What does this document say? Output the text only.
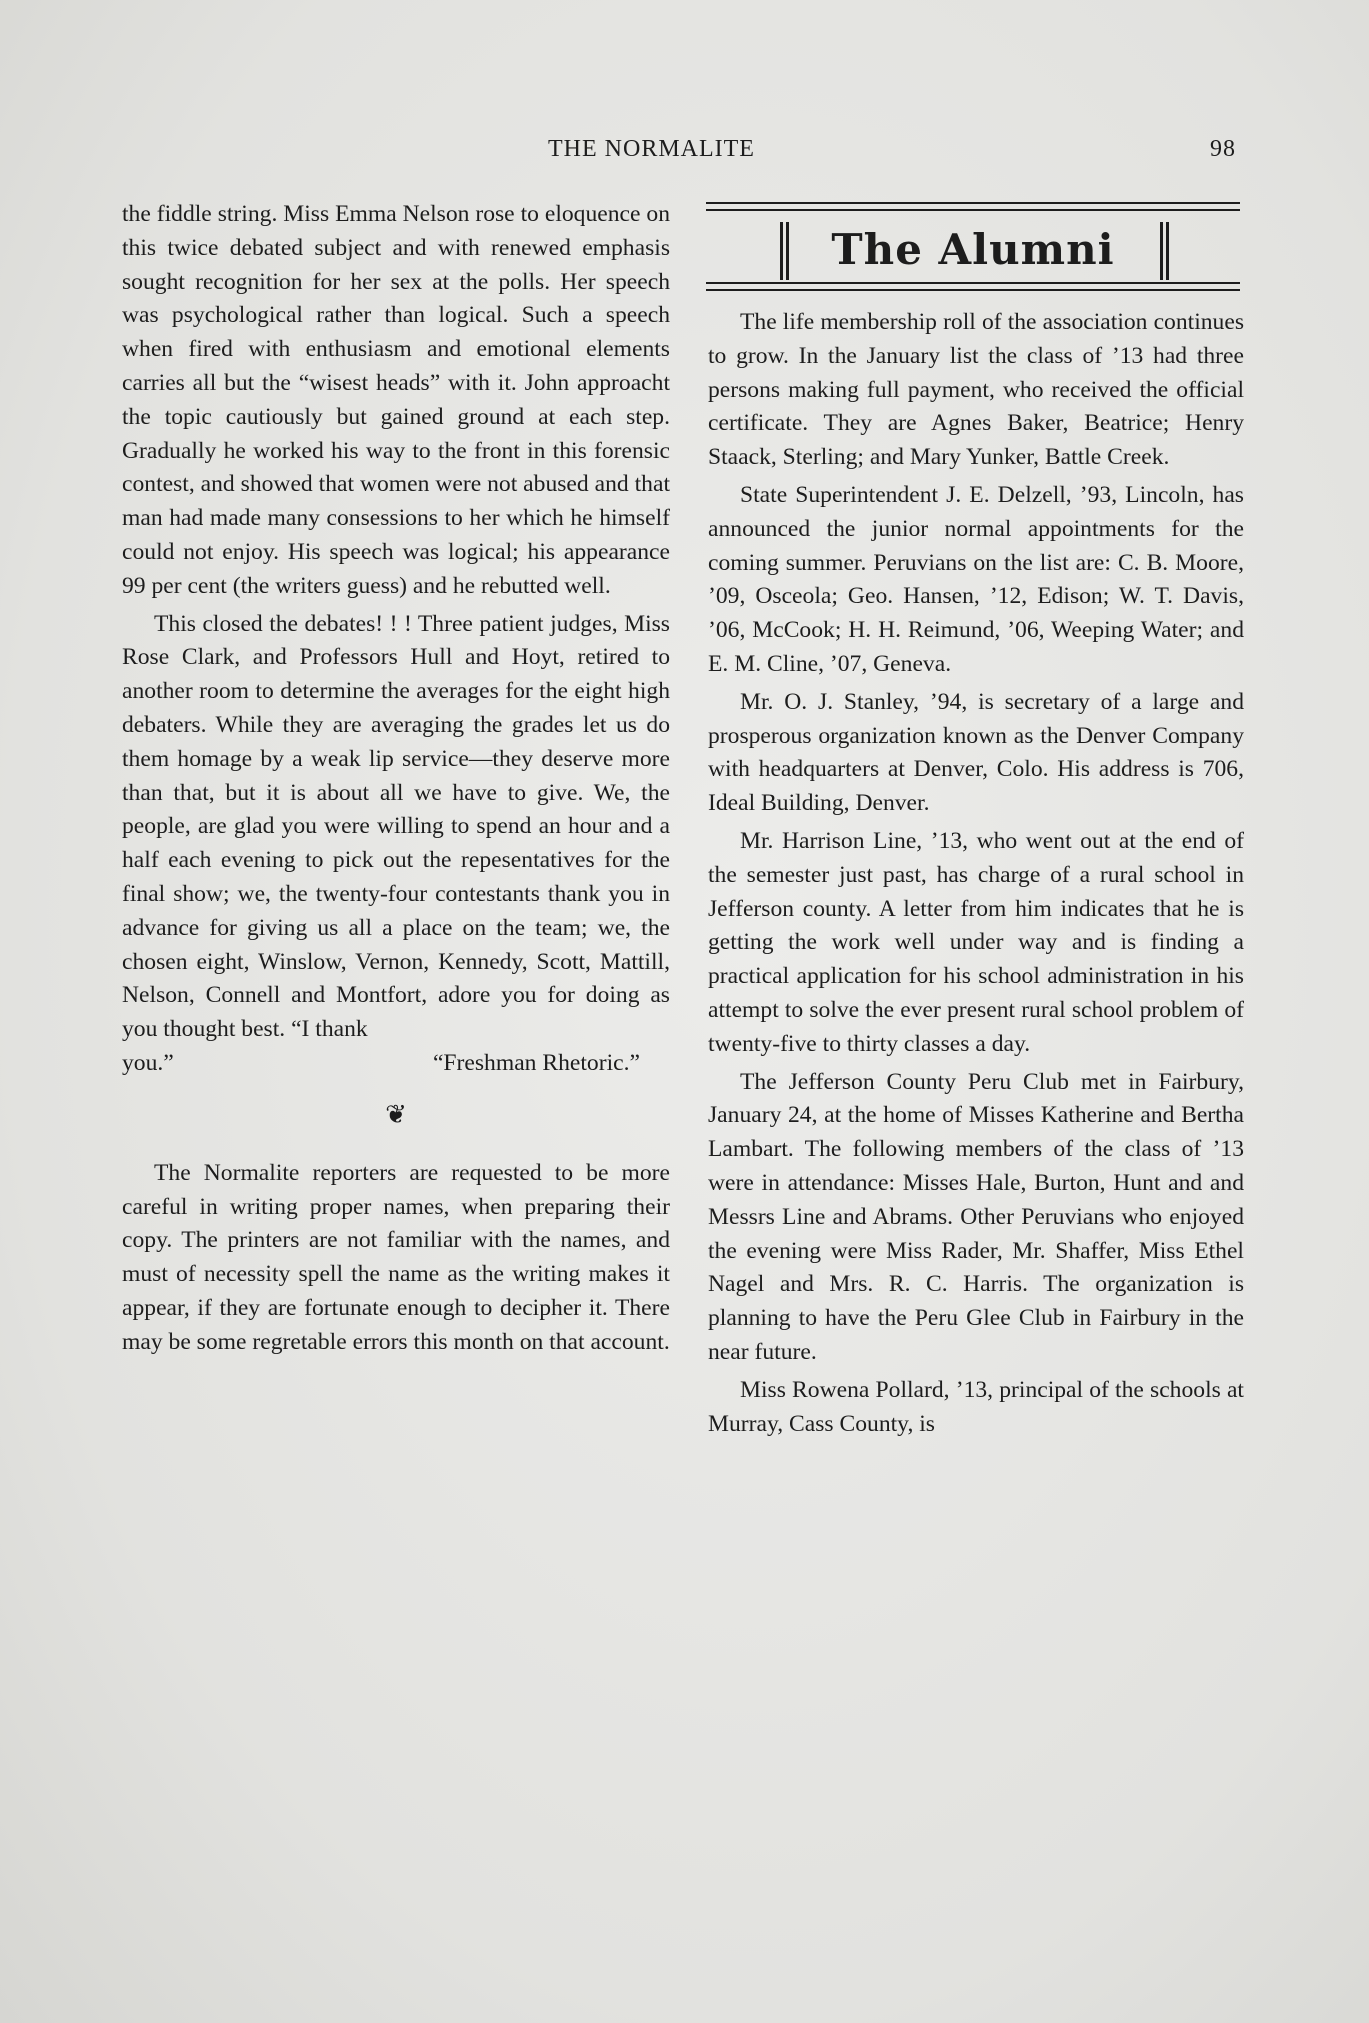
THE NORMALITE	98

the fiddle string. Miss Emma Nelson rose to eloquence on this twice debated subject and with renewed emphasis sought recognition for her sex at the polls. Her speech was psychological rather than logical. Such a speech when fired with enthusiasm and emotional elements carries all but the “wisest heads” with it. John approacht the topic cautiously but gained ground at each step. Gradually he worked his way to the front in this forensic contest, and showed that women were not abused and that man had made many consessions to her which he himself could not enjoy. His speech was logical; his appearance 99 per cent (the writers guess) and he rebutted well.

This closed the debates! ! ! Three patient judges, Miss Rose Clark, and Professors Hull and Hoyt, retired to another room to determine the averages for the eight high debaters. While they are averaging the grades let us do them homage by a weak lip service—they deserve more than that, but it is about all we have to give. We, the people, are glad you were willing to spend an hour and a half each evening to pick out the repesentatives for the final show; we, the twenty-four contestants thank you in advance for giving us all a place on the team; we, the chosen eight, Winslow, Vernon, Kennedy, Scott, Mattill, Nelson, Connell and Montfort, adore you for doing as you thought best. “I thank

you.”	“Freshman Rhetoric.”
❦

The Normalite reporters are requested to be more careful in writing proper names, when preparing their copy. The printers are not familiar with the names, and must of necessity spell the name as the writing makes it appear, if they are fortunate enough to decipher it. There may be some regretable errors this month on that account.

The Alumni

The life membership roll of the association continues to grow. In the January list the class of ’13 had three persons making full payment, who received the official certificate. They are Agnes Baker, Beatrice; Henry Staack, Sterling; and Mary Yunker, Battle Creek.

State Superintendent J. E. Delzell, ’93, Lincoln, has announced the junior normal appointments for the coming summer. Peruvians on the list are: C. B. Moore, ’09, Osceola; Geo. Hansen, ’12, Edison; W. T. Davis, ’06, McCook; H. H. Reimund, ’06, Weeping Water; and E. M. Cline, ’07, Geneva.

Mr. O. J. Stanley, ’94, is secretary of a large and prosperous organization known as the Denver Company with headquarters at Denver, Colo. His address is 706, Ideal Building, Denver.

Mr. Harrison Line, ’13, who went out at the end of the semester just past, has charge of a rural school in Jefferson county. A letter from him indicates that he is getting the work well under way and is finding a practical application for his school administration in his attempt to solve the ever present rural school problem of twenty-five to thirty classes a day.

The Jefferson County Peru Club met in Fairbury, January 24, at the home of Misses Katherine and Bertha Lambart. The following members of the class of ’13 were in attendance: Misses Hale, Burton, Hunt and and Messrs Line and Abrams. Other Peruvians who enjoyed the evening were Miss Rader, Mr. Shaffer, Miss Ethel Nagel and Mrs. R. C. Harris. The organization is planning to have the Peru Glee Club in Fairbury in the near future.

Miss Rowena Pollard, ’13, principal of the schools at Murray, Cass County, is
